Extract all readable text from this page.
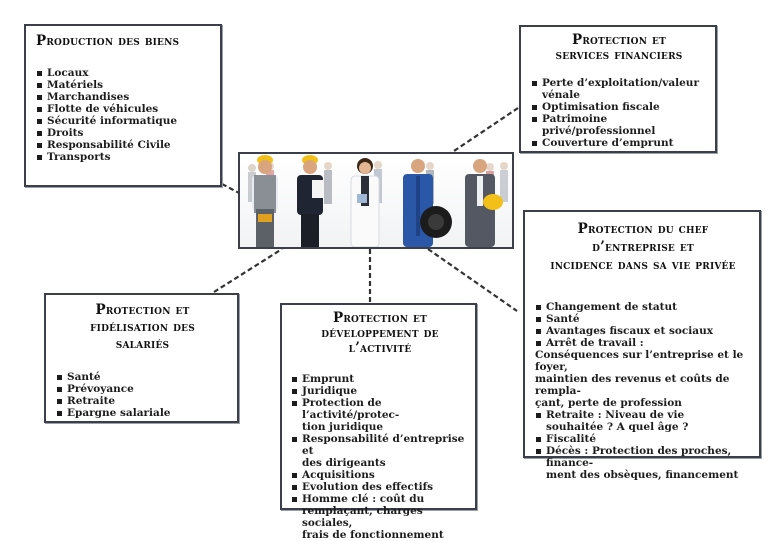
Production des biens
Locaux
Matériels
Marchandises
Flotte de véhicules
Sécurité informatique
Droits
Responsabilité Civile
Transports
Protection et
services financiers
Perte d’exploitation/valeur
vénale
Optimisation fiscale
Patrimoine privé/professionnel
Couverture d’emprunt
Protection du chef
d’entreprise et
incidence dans sa vie privée
Changement de statut
Santé
Avantages fiscaux et sociaux
Arrêt de travail :
Conséquences sur l’entreprise et le foyer,
maintien des revenus et coûts de rempla-
çant, perte de profession
Retraite : Niveau de vie
souhaitée ? A quel âge ?
Fiscalité
Décès : Protection des proches, finance-
ment des obsèques, financement
Protection et
fidélisation des
salariés
Santé
Prévoyance
Retraite
Epargne salariale
Protection et
développement de
l’activité
Emprunt
Juridique
Protection de l’activité/protec-
tion juridique
Responsabilité d’entreprise et
des dirigeants
Acquisitions
Evolution des effectifs
Homme clé : coût du
remplaçant, charges sociales,
frais de fonctionnement
